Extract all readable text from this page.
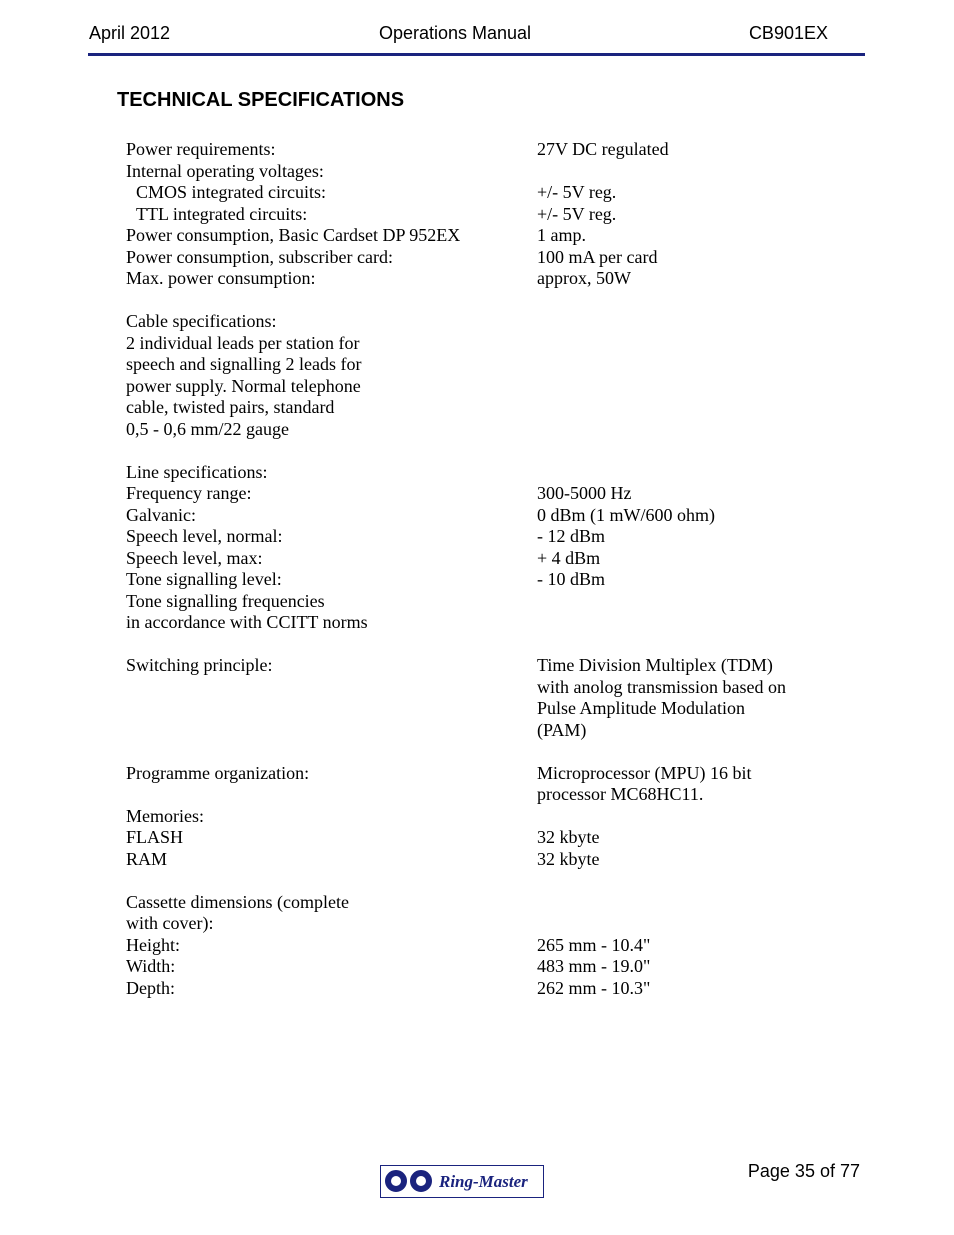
April 2012	Operations Manual	CB901EX
TECHNICAL SPECIFICATIONS
Power requirements:	27V DC regulated
Internal operating voltages:
CMOS integrated circuits:	+/- 5V reg.
TTL integrated circuits:	+/- 5V reg.
Power consumption, Basic Cardset DP 952EX	1 amp.
Power consumption, subscriber card:	100 mA per card
Max. power consumption:	approx, 50W
Cable specifications:
2 individual leads per station for
speech and signalling 2 leads for
power supply. Normal telephone
cable, twisted pairs, standard
0,5 - 0,6 mm/22 gauge
Line specifications:
Frequency range:	300-5000 Hz
Galvanic:	0 dBm (1 mW/600 ohm)
Speech level, normal:	- 12 dBm
Speech level, max:	+ 4 dBm
Tone signalling level:	- 10 dBm
Tone signalling frequencies
in accordance with CCITT norms
Switching principle:	Time Division Multiplex (TDM)
with anolog transmission based on
Pulse Amplitude Modulation
(PAM)
Programme organization:	Microprocessor (MPU) 16 bit
processor MC68HC11.
Memories:
FLASH	32 kbyte
RAM	32 kbyte
Cassette dimensions (complete
with cover):
Height:	265 mm - 10.4"
Width:	483 mm - 19.0"
Depth:	262 mm - 10.3"
Ring-Master
Page 35 of 77
